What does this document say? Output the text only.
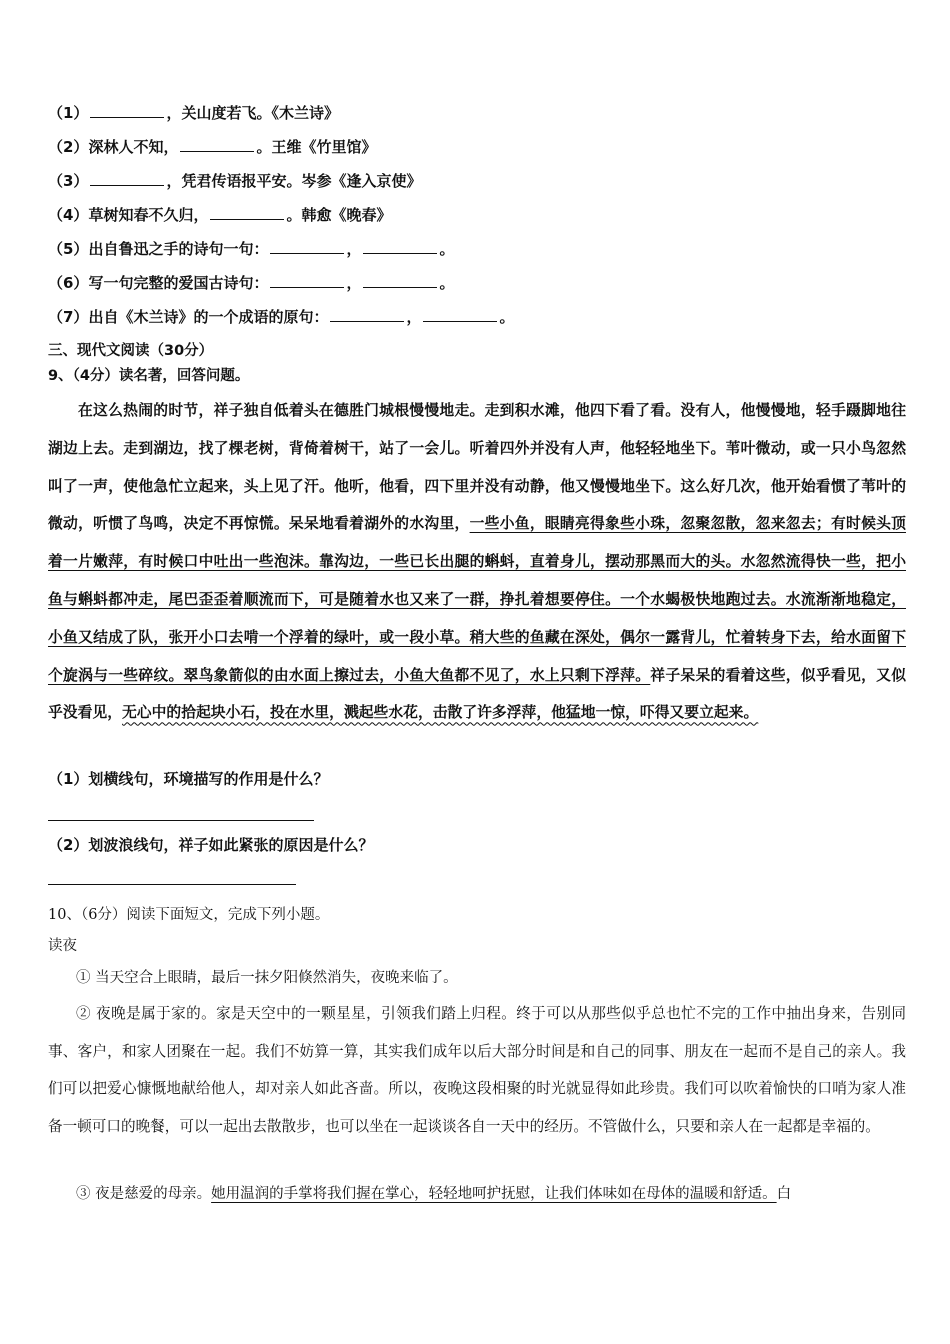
（1）	，关山度若飞。《木兰诗》
（2）深林人不知，	。王维《竹里馆》
（3）	，凭君传语报平安。岑参《逢入京使》
（4）草树知春不久归，	。韩愈《晚春》
（5）出自鲁迅之手的诗句一句：	，	。
（6）写一句完整的爱国古诗句：	，	。
（7）出自《木兰诗》的一个成语的原句：	，	。
三、现代文阅读（30分）
9、（4分）读名著，回答问题。
在这么热闹的时节，祥子独自低着头在德胜门城根慢慢地走。走到积水滩，他四下看了看。没有人，他慢慢地，轻手蹑脚地往湖边上去。走到湖边，找了棵老树，背倚着树干，站了一会儿。听着四外并没有人声，他轻轻地坐下。苇叶微动，或一只小鸟忽然叫了一声，使他急忙立起来，头上见了汗。他听，他看，四下里并没有动静，他又慢慢地坐下。这么好几次，他开始看惯了苇叶的微动，听惯了鸟鸣，决定不再惊慌。呆呆地看着湖外的水沟里，一些小鱼，眼睛亮得象些小珠，忽聚忽散，忽来忽去；有时候头顶着一片嫩萍，有时候口中吐出一些泡沫。靠沟边，一些已长出腿的蝌蚪，直着身儿，摆动那黑而大的头。水忽然流得快一些，把小鱼与蝌蚪都冲走，尾巴歪歪着顺流而下，可是随着水也又来了一群，挣扎着想要停住。一个水蝎极快地跑过去。水流渐渐地稳定，小鱼又结成了队，张开小口去啃一个浮着的绿叶，或一段小草。稍大些的鱼藏在深处，偶尔一露背儿，忙着转身下去，给水面留下个旋涡与一些碎纹。翠鸟象箭似的由水面上擦过去，小鱼大鱼都不见了，水上只剩下浮萍。祥子呆呆的看着这些，似乎看见，又似乎没看见，无心中的拾起块小石，投在水里，溅起些水花，击散了许多浮萍，他猛地一惊，吓得又要立起来。
（1）划横线句，环境描写的作用是什么？
（2）划波浪线句，祥子如此紧张的原因是什么？
10、（6分）阅读下面短文，完成下列小题。
读夜
① 当天空合上眼睛，最后一抹夕阳倏然消失，夜晚来临了。
② 夜晚是属于家的。家是天空中的一颗星星，引领我们踏上归程。终于可以从那些似乎总也忙不完的工作中抽出身来，告别同事、客户，和家人团聚在一起。我们不妨算一算，其实我们成年以后大部分时间是和自己的同事、朋友在一起而不是自己的亲人。我们可以把爱心慷慨地献给他人，却对亲人如此吝啬。所以，夜晚这段相聚的时光就显得如此珍贵。我们可以吹着愉快的口哨为家人准备一顿可口的晚餐，可以一起出去散散步，也可以坐在一起谈谈各自一天中的经历。不管做什么，只要和亲人在一起都是幸福的。
③ 夜是慈爱的母亲。她用温润的手掌将我们握在掌心，轻轻地呵护抚慰，让我们体味如在母体的温暖和舒适。白
